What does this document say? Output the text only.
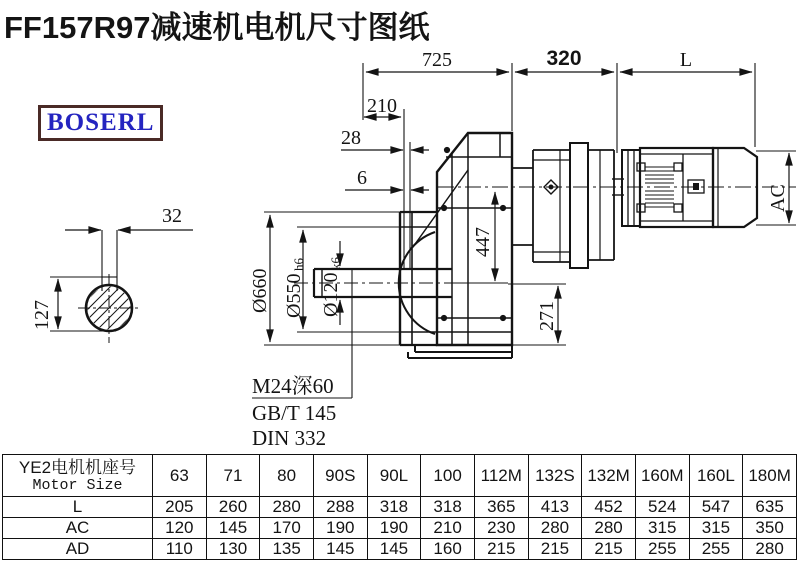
FF157R97减速机电机尺寸图纸
BOSERL
725	320	L
210
28
6
32
127
Ø660 Ø550
h6
Ø120
k6
447
271
AC
M24深60
GB/T 145
DIN 332
YE2电机机座号
Motor Size	63	71	80	90S	90L	100	112M	132S	132M	160M	160L	180M
L	205	260	280	288	318	318	365	413	452	524	547	635
AC	120	145	170	190	190	210	230	280	280	315	315	350
AD	110	130	135	145	145	160	215	215	215	255	255	280
